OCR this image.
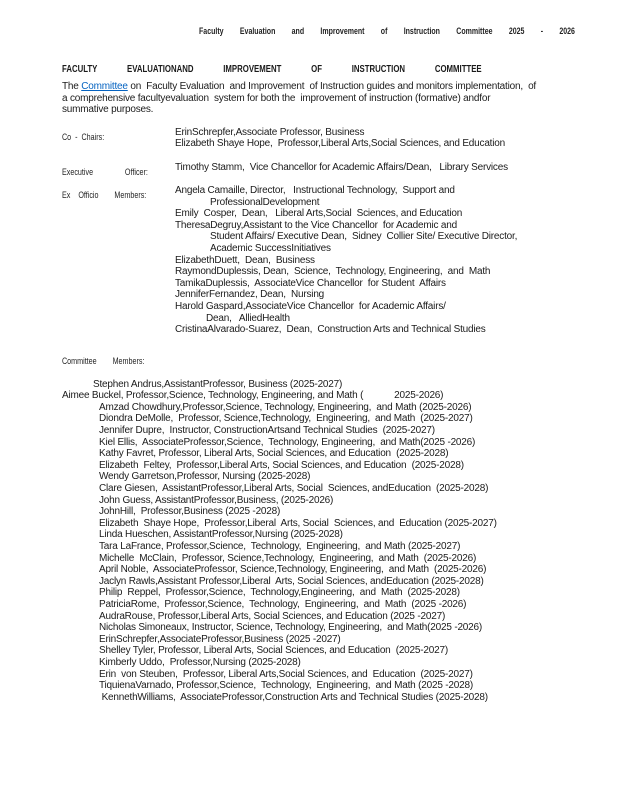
Faculty Evaluation and Improvement of Instruction Committee 2025 - 2026
FACULTY EVALUATIONAND IMPROVEMENT OF INSTRUCTION COMMITTEE
The Committee on  Faculty Evaluation  and Improvement  of Instruction guides and monitors implementation,  of
a comprehensive facultyevaluation  system for both the  improvement of instruction (formative) andfor
summative purposes.
Co  -  Chairs:	ErinSchrepfer,Associate Professor, Business
Elizabeth Shaye Hope,  Professor,Liberal Arts,Social Sciences, and Education
Executive                Officer:	Timothy Stamm,  Vice Chancellor for Academic Affairs/Dean,   Library Services
Ex    Officio        Members:	Angela Camaille, Director,   Instructional Technology,  Support and
ProfessionalDevelopment
Emily  Cosper,  Dean,   Liberal Arts,Social  Sciences, and Education
TheresaDegruy,Assistant to the Vice Chancellor  for Academic and
Student Affairs/ Executive Dean,  Sidney  Collier Site/ Executive Director,
Academic SuccessInitiatives
ElizabethDuett,  Dean,  Business
RaymondDuplessis, Dean,  Science,  Technology, Engineering,  and  Math
TamikaDuplessis,  AssociateVice Chancellor  for Student  Affairs
JenniferFernandez, Dean,  Nursing
Harold Gaspard,AssociateVice Chancellor  for Academic Affairs/
Dean,   AlliedHealth
CristinaAlvarado-Suarez,  Dean,  Construction Arts and Technical Studies
Committee        Members:
Stephen Andrus,AssistantProfessor, Business (2025-2027)
Aimee Buckel, Professor,Science, Technology, Engineering, and Math (            2025-2026)
Amzad Chowdhury,Professor,Science, Technology, Engineering,  and Math (2025-2026)
Diondra DeMolle,  Professor, Science,Technology,  Engineering,  and Math  (2025-2027)
Jennifer Dupre,  Instructor, ConstructionArtsand Technical Studies  (2025-2027)
Kiel Ellis,  AssociateProfessor,Science,  Technology, Engineering,  and Math(2025 -2026)
Kathy Favret, Professor, Liberal Arts, Social Sciences, and Education  (2025-2028)
Elizabeth  Feltey,  Professor,Liberal Arts, Social Sciences, and Education  (2025-2028)
Wendy Garretson,Professor, Nursing (2025-2028)
Clare Giesen,  AssistantProfessor,Liberal Arts, Social  Sciences, andEducation  (2025-2028)
John Guess, AssistantProfessor,Business, (2025-2026)
JohnHill,  Professor,Business (2025 -2028)
Elizabeth  Shaye Hope,  Professor,Liberal  Arts, Social  Sciences, and  Education (2025-2027)
Linda Hueschen, AssistantProfessor,Nursing (2025-2028)
Tara LaFrance, Professor,Science,  Technology,  Engineering,  and Math (2025-2027)
Michelle  McClain,  Professor, Science,Technology,  Engineering,  and Math  (2025-2026)
April Noble,  AssociateProfessor, Science,Technology, Engineering,  and Math  (2025-2026)
Jaclyn Rawls,Assistant Professor,Liberal  Arts, Social Sciences, andEducation (2025-2028)
Philip  Reppel,  Professor,Science,  Technology,Engineering,  and  Math  (2025-2028)
PatriciaRome,  Professor,Science,  Technology,  Engineering,  and  Math  (2025 -2026)
AudraRouse, Professor,Liberal Arts, Social Sciences, and Education (2025 -2027)
Nicholas Simoneaux, Instructor, Science, Technology, Engineering,  and Math(2025 -2026)
ErinSchrepfer,AssociateProfessor,Business (2025 -2027)
Shelley Tyler, Professor, Liberal Arts, Social Sciences, and Education  (2025-2027)
Kimberly Uddo,  Professor,Nursing (2025-2028)
Erin  von Steuben,  Professor, Liberal Arts,Social Sciences, and  Education  (2025-2027)
TiquienaVarnado, Professor,Science,  Technology,  Engineering,  and Math (2025 -2028)
KennethWilliams,  AssociateProfessor,Construction Arts and Technical Studies (2025-2028)
